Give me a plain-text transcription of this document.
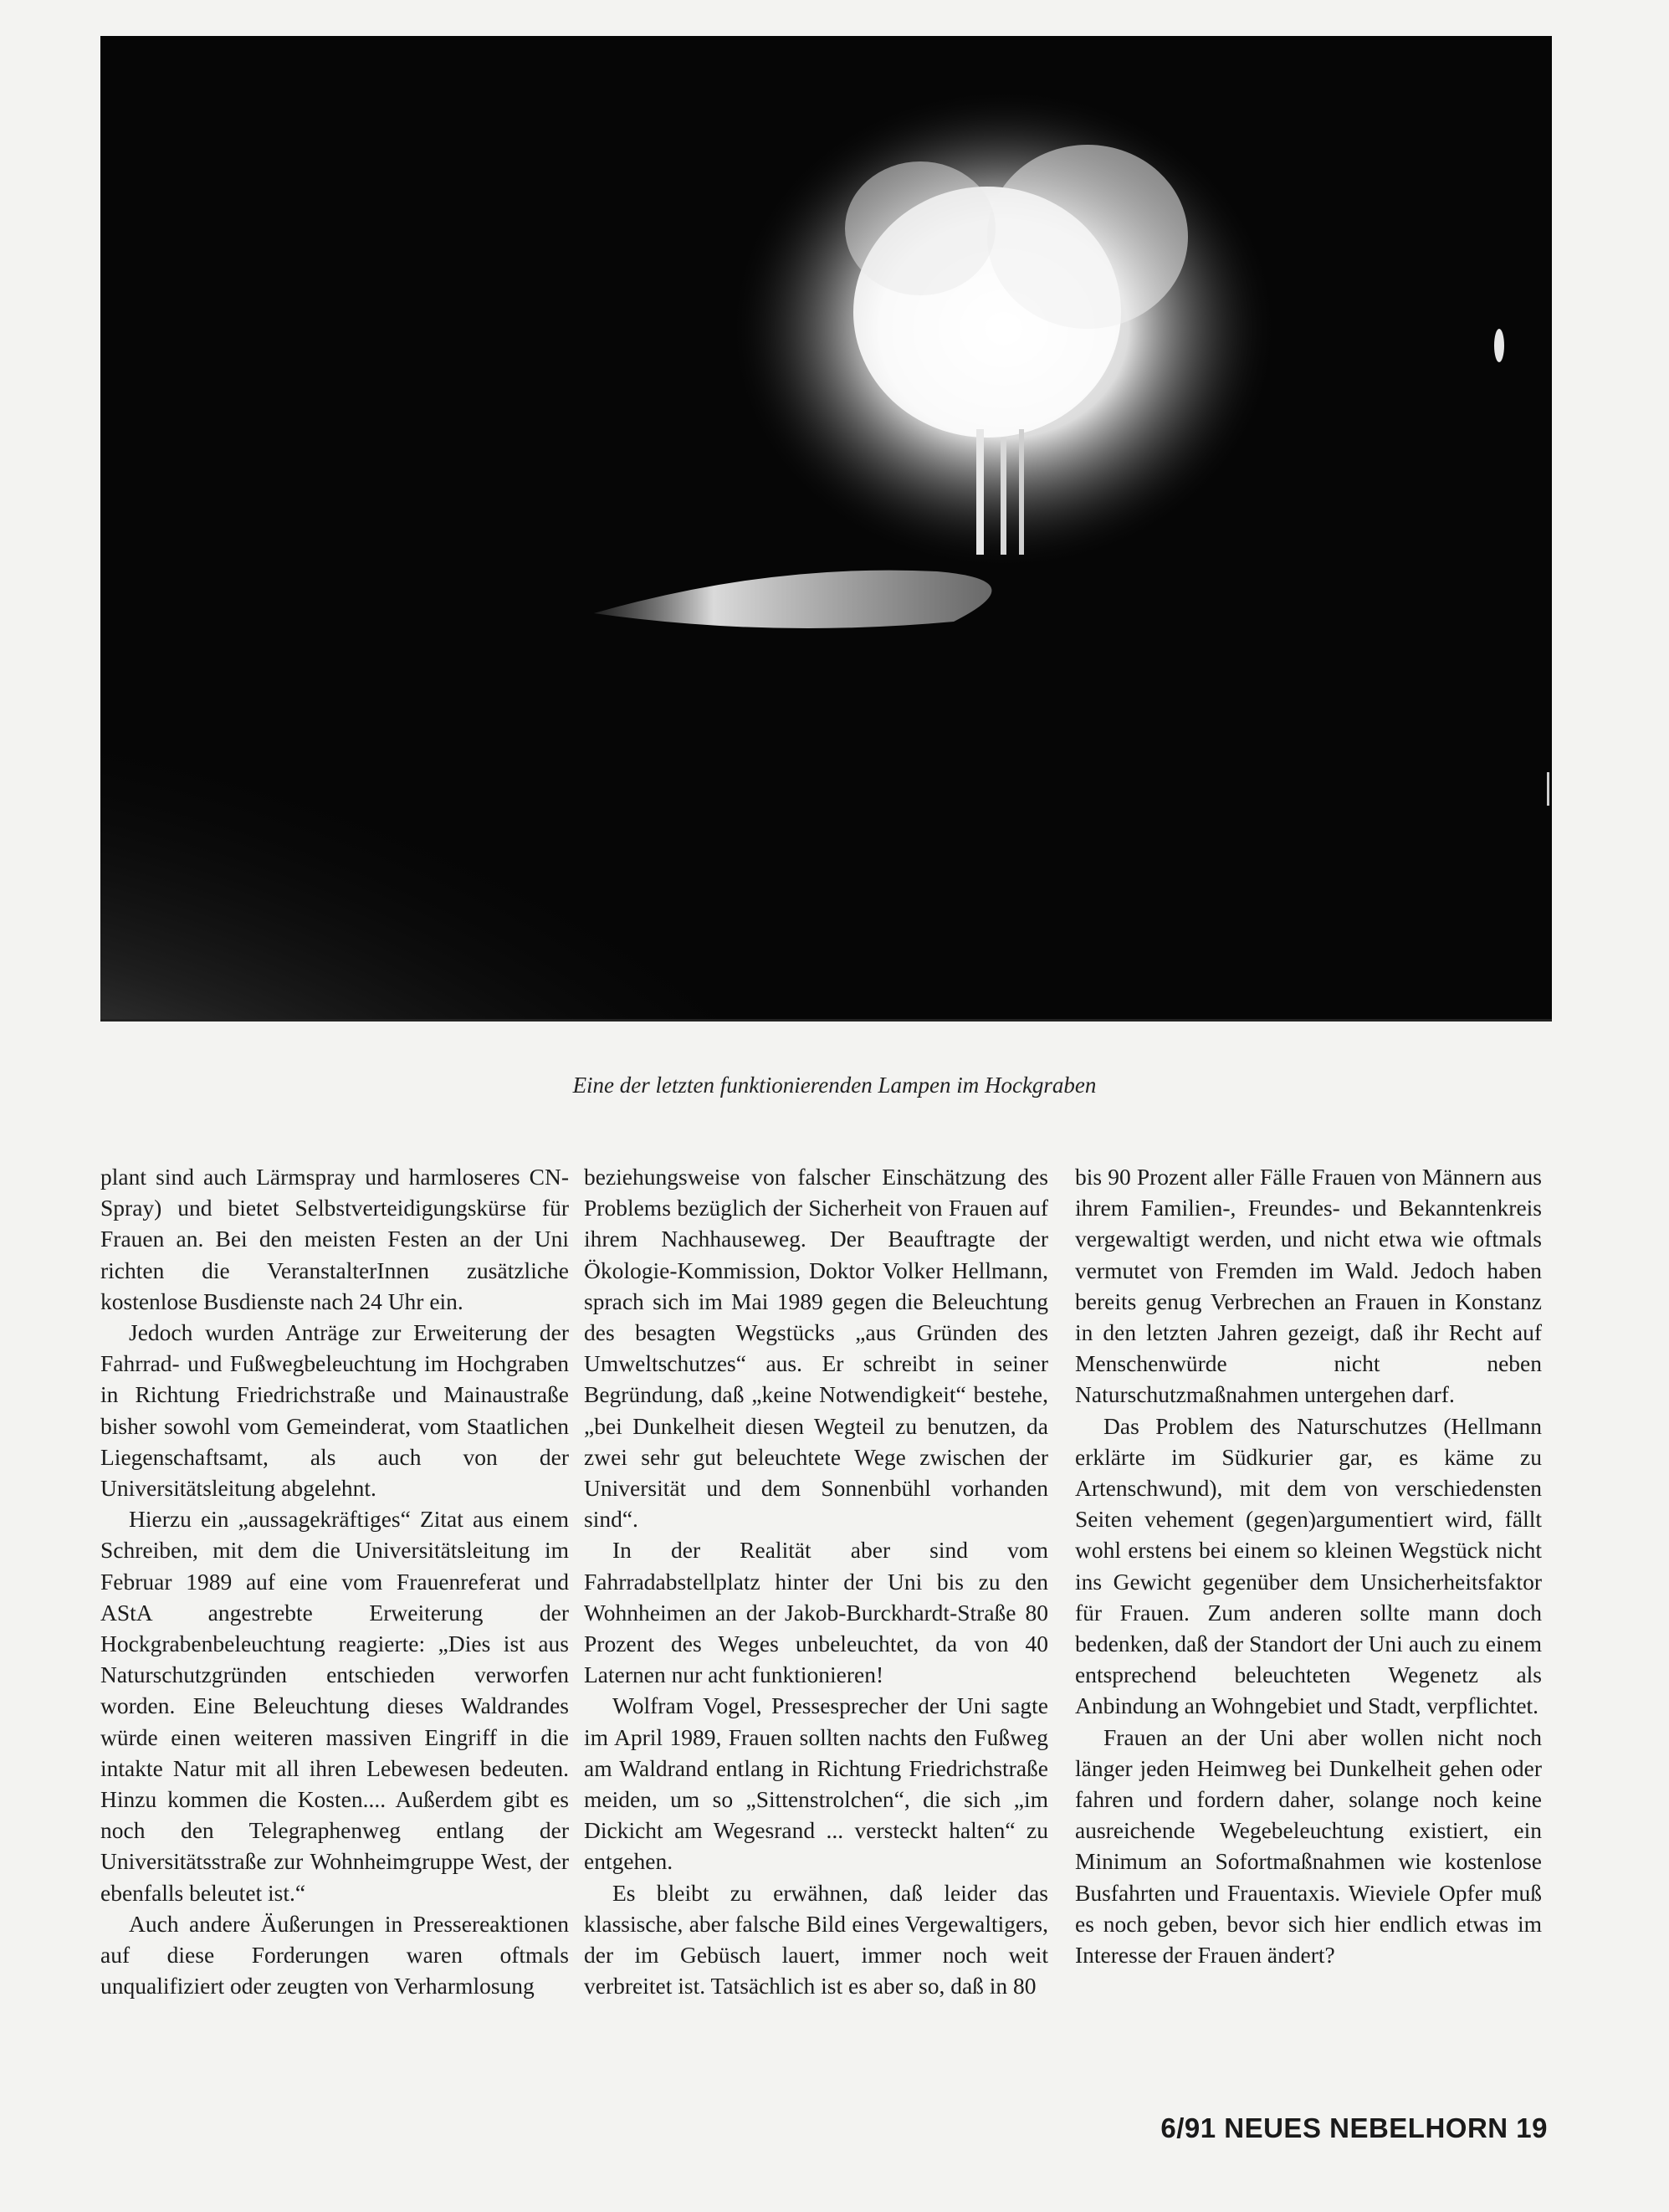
Eine der letzten funktionierenden Lampen im Hockgraben

plant sind auch Lärmspray und harmloseres CN-Spray) und bietet Selbstverteidigungskürse für Frauen an. Bei den meisten Festen an der Uni richten die VeranstalterInnen zusätzliche kostenlose Busdienste nach 24 Uhr ein.

Jedoch wurden Anträge zur Erweiterung der Fahrrad- und Fußwegbeleuchtung im Hochgraben in Richtung Friedrichstraße und Mainaustraße bisher sowohl vom Gemeinderat, vom Staatlichen Liegenschaftsamt, als auch von der Universitätsleitung abgelehnt.

Hierzu ein „aussagekräftiges“ Zitat aus einem Schreiben, mit dem die Universitätsleitung im Februar 1989 auf eine vom Frauenreferat und AStA angestrebte Erweiterung der Hockgrabenbeleuchtung reagierte: „Dies ist aus Naturschutzgründen entschieden verworfen worden. Eine Beleuchtung dieses Waldrandes würde einen weiteren massiven Eingriff in die intakte Natur mit all ihren Lebewesen bedeuten. Hinzu kommen die Kosten.... Außerdem gibt es noch den Telegraphenweg entlang der Universitätsstraße zur Wohnheimgruppe West, der ebenfalls beleutet ist.“

Auch andere Äußerungen in Pressereaktionen auf diese Forderungen waren oftmals unqualifiziert oder zeugten von Verharmlosung

beziehungsweise von falscher Einschätzung des Problems bezüglich der Sicherheit von Frauen auf ihrem Nachhauseweg. Der Beauftragte der Ökologie-Kommission, Doktor Volker Hellmann, sprach sich im Mai 1989 gegen die Beleuchtung des besagten Wegstücks „aus Gründen des Umweltschutzes“ aus. Er schreibt in seiner Begründung, daß „keine Notwendigkeit“ bestehe, „bei Dunkelheit diesen Wegteil zu benutzen, da zwei sehr gut beleuchtete Wege zwischen der Universität und dem Sonnenbühl vorhanden sind“.

In der Realität aber sind vom Fahrradabstellplatz hinter der Uni bis zu den Wohnheimen an der Jakob-Burckhardt-Straße 80 Prozent des Weges unbeleuchtet, da von 40 Laternen nur acht funktionieren!

Wolfram Vogel, Pressesprecher der Uni sagte im April 1989, Frauen sollten nachts den Fußweg am Waldrand entlang in Richtung Friedrichstraße meiden, um so „Sittenstrolchen“, die sich „im Dickicht am Wegesrand ... versteckt halten“ zu entgehen.

Es bleibt zu erwähnen, daß leider das klassische, aber falsche Bild eines Vergewaltigers, der im Gebüsch lauert, immer noch weit verbreitet ist. Tatsächlich ist es aber so, daß in 80

bis 90 Prozent aller Fälle Frauen von Männern aus ihrem Familien-, Freundes- und Bekanntenkreis vergewaltigt werden, und nicht etwa wie oftmals vermutet von Fremden im Wald. Jedoch haben bereits genug Verbrechen an Frauen in Konstanz in den letzten Jahren gezeigt, daß ihr Recht auf Menschenwürde nicht neben Naturschutzmaßnahmen untergehen darf.

Das Problem des Naturschutzes (Hellmann erklärte im Südkurier gar, es käme zu Artenschwund), mit dem von verschiedensten Seiten vehement (gegen)argumentiert wird, fällt wohl erstens bei einem so kleinen Wegstück nicht ins Gewicht gegenüber dem Unsicherheitsfaktor für Frauen. Zum anderen sollte mann doch bedenken, daß der Standort der Uni auch zu einem entsprechend beleuchteten Wegenetz als Anbindung an Wohngebiet und Stadt, verpflichtet.

Frauen an der Uni aber wollen nicht noch länger jeden Heimweg bei Dunkelheit gehen oder fahren und fordern daher, solange noch keine ausreichende Wegebeleuchtung existiert, ein Minimum an Sofortmaßnahmen wie kostenlose Busfahrten und Frauentaxis. Wieviele Opfer muß es noch geben, bevor sich hier endlich etwas im Interesse der Frauen ändert?

6/91 NEUES NEBELHORN 19
